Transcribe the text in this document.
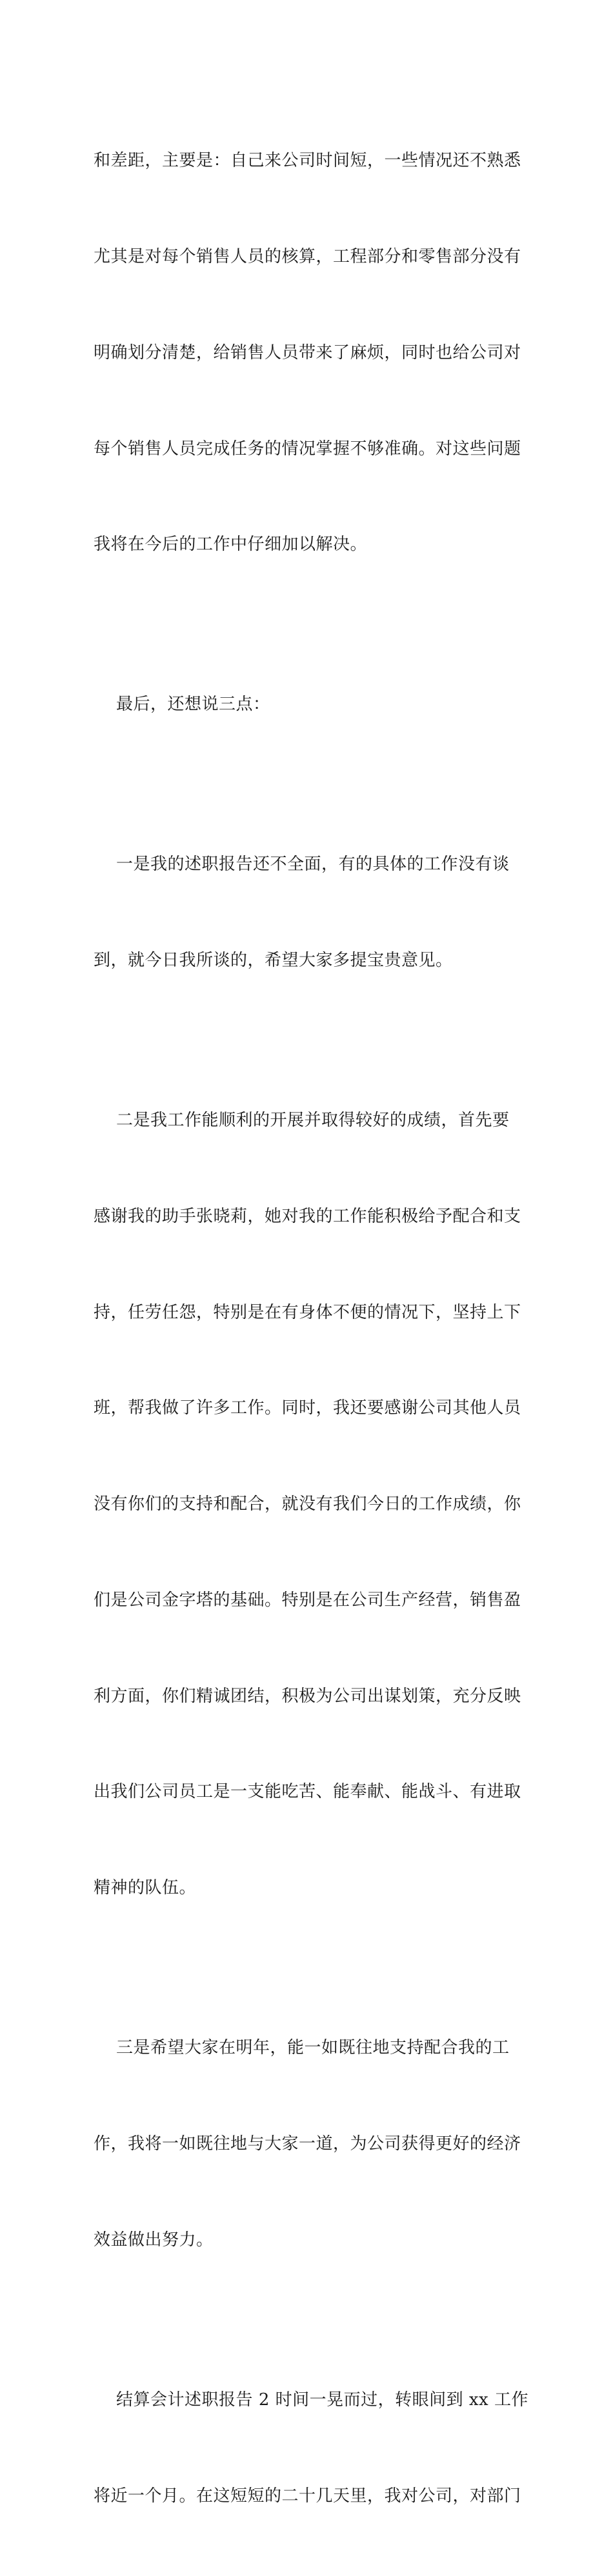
和差距，主要是：自己来公司时间短，一些情况还不熟悉

尤其是对每个销售人员的核算，工程部分和零售部分没有

明确划分清楚，给销售人员带来了麻烦，同时也给公司对

每个销售人员完成任务的情况掌握不够准确。对这些问题

我将在今后的工作中仔细加以解决。

最后，还想说三点：

一是我的述职报告还不全面，有的具体的工作没有谈

到，就今日我所谈的，希望大家多提宝贵意见。

二是我工作能顺利的开展并取得较好的成绩，首先要

感谢我的助手张晓莉，她对我的工作能积极给予配合和支

持，任劳任怨，特别是在有身体不便的情况下，坚持上下

班，帮我做了许多工作。同时，我还要感谢公司其他人员

没有你们的支持和配合，就没有我们今日的工作成绩，你

们是公司金字塔的基础。特别是在公司生产经营，销售盈

利方面，你们精诚团结，积极为公司出谋划策，充分反映

出我们公司员工是一支能吃苦、能奉献、能战斗、有进取

精神的队伍。

三是希望大家在明年，能一如既往地支持配合我的工

作，我将一如既往地与大家一道，为公司获得更好的经济

效益做出努力。

结算会计述职报告 2 时间一晃而过，转眼间到 xx 工作

将近一个月。在这短短的二十几天里，我对公司，对部门
